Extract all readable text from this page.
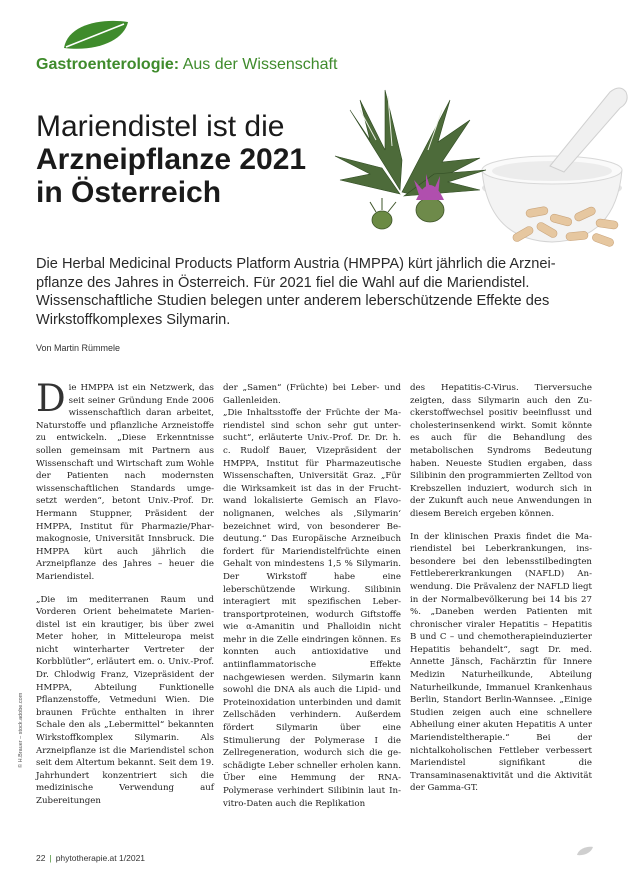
Gastroenterologie: Aus der Wissenschaft
Mariendistel ist die
Arzneipflanze 2021
in Österreich
Die Herbal Medicinal Products Platform Austria (HMPPA) kürt jährlich die Arzneipflanze des Jahres in Österreich. Für 2021 fiel die Wahl auf die Mariendistel. Wissenschaftliche Studien belegen unter anderem leberschützende Effekte des Wirkstoffkomplexes Silymarin.
Von Martin Rümmele

Die HMPPA ist ein Netzwerk, das seit seiner Gründung Ende 2006 wissenschaftlich daran arbeitet, Naturstoffe und pflanzliche Arzneistoffe zu entwickeln. „Diese Erkenntnisse sollen gemeinsam mit Partnern aus Wissenschaft und Wirtschaft zum Wohle der Patienten nach modernsten wissenschaftlichen Standards umgesetzt werden“, betont Univ.-Prof. Dr. Hermann Stuppner, Präsident der HMPPA, Institut für Pharmazie/Pharmakognosie, Universität Innsbruck. Die HMPPA kürt auch jährlich die Arzneipflanze des Jahres – heuer die Mariendistel.

„Die im mediterranen Raum und Vorderen Orient beheimatete Mariendistel ist ein krautiger, bis über zwei Meter hoher, in Mitteleuropa meist nicht winterharter Vertreter der Korbblütler“, erläutert em. o. Univ.-Prof. Dr. Chlodwig Franz, Vizepräsident der HMPPA, Abteilung Funktionelle Pflanzenstoffe, Vetmeduni Wien. Die braunen Früchte enthalten in ihrer Schale den als „Lebermittel“ bekannten Wirkstoffkomplex Silymarin. Als Arzneipflanze ist die Mariendistel schon seit dem Altertum bekannt. Seit dem 19. Jahrhundert konzentriert sich die medizinische Verwendung auf Zubereitungen

der „Samen“ (Früchte) bei Leber- und Gallenleiden.

„Die Inhaltsstoffe der Früchte der Mariendistel sind schon sehr gut untersucht“, erläuterte Univ.-Prof. Dr. Dr. h. c. Rudolf Bauer, Vizepräsident der HMPPA, Institut für Pharmazeutische Wissenschaften, Universität Graz. „Für die Wirksamkeit ist das in der Fruchtwand lokalisierte Gemisch an Flavonolignanen, welches als ‚Silymarin‘ bezeichnet wird, von besonderer Bedeutung.“ Das Europäische Arzneibuch fordert für Mariendistelfrüchte einen Gehalt von mindestens 1,5 % Silymarin. Der Wirkstoff habe eine leberschützende Wirkung. Silibinin interagiert mit spezifischen Lebertransportproteinen, wodurch Giftstoffe wie α-Amanitin und Phalloidin nicht mehr in die Zelle eindringen können. Es konnten auch antioxidative und antiinflammatorische Effekte nachgewiesen werden. Silymarin kann sowohl die DNA als auch die Lipid- und Proteinoxidation unterbinden und damit Zellschäden verhindern. Außerdem fördert Silymarin über eine Stimulierung der Polymerase I die Zellregeneration, wodurch sich die geschädigte Leber schneller erholen kann. Über eine Hemmung der RNA-Polymerase verhindert Silibinin laut In-vitro-Daten auch die Replikation

des Hepatitis-C-Virus. Tierversuche zeigten, dass Silymarin auch den Zuckerstoffwechsel positiv beeinflusst und cholesterinsenkend wirkt. Somit könnte es auch für die Behandlung des metabolischen Syndroms Bedeutung haben. Neueste Studien ergaben, dass Silibinin den programmierten Zelltod von Krebszellen induziert, wodurch sich in der Zukunft auch neue Anwendungen in diesem Bereich ergeben können.

In der klinischen Praxis findet die Mariendistel bei Leberkrankungen, insbesondere bei den lebensstilbedingten Fettlebererkrankungen (NAFLD) Anwendung. Die Prävalenz der NAFLD liegt in der Normalbevölkerung bei 14 bis 27 %. „Daneben werden Patienten mit chronischer viraler Hepatitis – Hepatitis B und C – und chemotherapieinduzierter Hepatitis behandelt“, sagt Dr. med. Annette Jänsch, Fachärztin für Innere Medizin Naturheilkunde, Abteilung Naturheilkunde, Immanuel Krankenhaus Berlin, Standort Berlin-Wannsee. „Einige Studien zeigen auch eine schnellere Abheilung einer akuten Hepatitis A unter Mariendisteltherapie.“ Bei der nichtalkoholischen Fettleber verbessert Mariendistel signifikant die Transaminasenaktivität und die Aktivität der Gamma-GT.

© H.Brauer – stock.adobe.com
22 | phytotherapie.at 1/2021
